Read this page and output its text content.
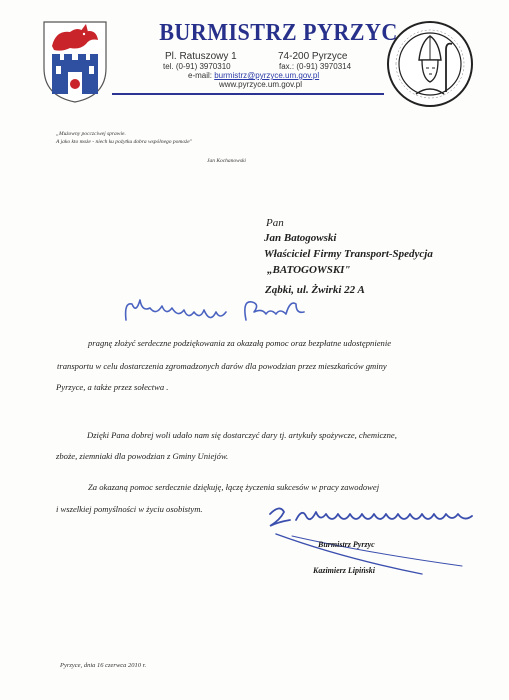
BURMISTRZ PYRZYC
Pl. Ratuszowy 1	74-200 Pyrzyce
tel. (0-91) 3970310	fax.: (0-91) 3970314
e-mail: burmistrz@pyrzyce.um.gov.pl
www.pyrzyce.um.gov.pl
„Mużowny pocczciwej sprawie.
A jako kto może - niech ku pożytku dobra wspólnego pomoże"
Jan Kochanowski
Pan
Jan Batogowski
Właściciel Firmy Transport-Spedycja
„BATOGOWSKI"
Ząbki, ul. Żwirki 22 A
pragnę złożyć serdeczne podziękowania za okazałą pomoc oraz bezpłatne udostępnienie
transportu w celu dostarczenia zgromadzonych darów dla powodzian przez mieszkańców gminy
Pyrzyce, a także przez sołectwa .
Dzięki Pana dobrej woli udało nam się dostarczyć dary tj. artykuły spożywcze, chemiczne,
zboże, ziemniaki dla powodzian z Gminy Uniejów.
Za okazaną pomoc serdecznie dziękuję, łączę życzenia sukcesów w pracy zawodowej
i wszelkiej pomyślności w życiu osobistym.
Burmistrz Pyrzyc
Kazimierz Lipiński
Pyrzyce, dnia 16 czerwca 2010 r.
